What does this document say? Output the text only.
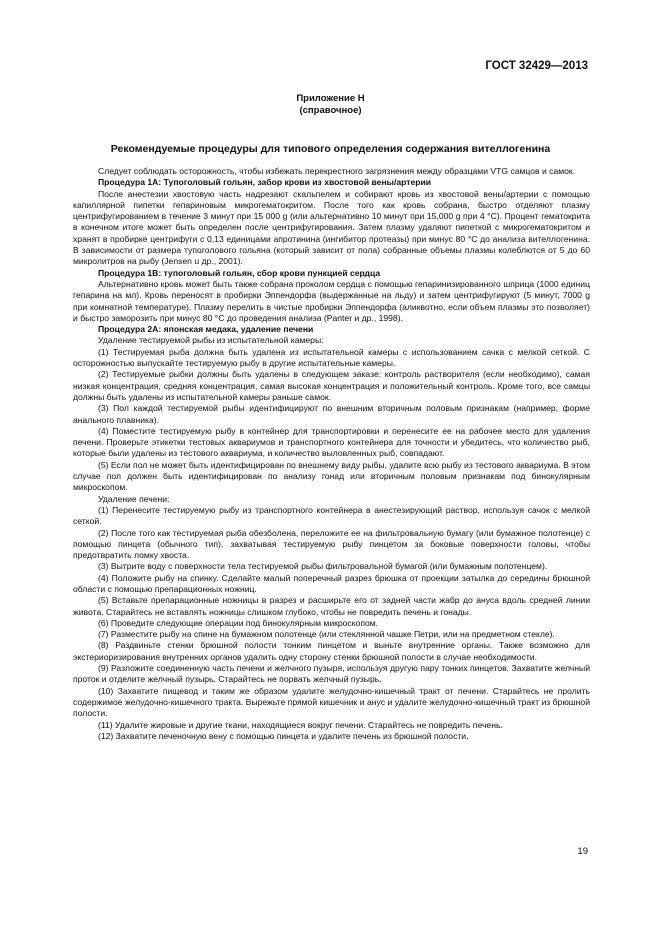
ГОСТ 32429—2013
Приложение Н
(справочное)
Рекомендуемые процедуры для типового определения содержания вителлогенина

Следует соблюдать осторожность, чтобы избежать перекрестного загрязнения между образцами VTG самцов и самок.

Процедура 1А: Тупоголовый гольян, забор крови из хвостовой вены/артерии

После анестезии хвостовую часть надрезают скальпелем и собирают кровь из хвостовой вены/артерии с помощью капиллярной пипетки гепариновым микрогематокритом. После того как кровь собрана, быстро отделяют плазму центрифугированием в течение 3 минут при 15 000 g (или альтернативно 10 минут при 15,000 g при 4 °С). Процент гематокрита в конечном итоге может быть определен после центрифугирования. Затем плазму удаляют пипеткой с микрогематокритом и хранят в пробирке центрифуги с 0,13 единицами апротинина (ингибитор протеазы) при минус 80 °С до анализа вителлогенина. В зависимости от размера тупоголового гольяна (который зависит от пола) собранные объемы плазмы колеблются от 5 до 60 микролитров на рыбу (Jensen u др., 2001).

Процедура 1В: тупоголовый гольян, сбор крови пункцией сердца

Альтернативно кровь может быть также собрана проколом сердца с помощью гепаринизированного шприца (1000 единиц гепарина на мл). Кровь переносят в пробирки Эппендорфа (выдержанные на льду) и затем центрифугируют (5 минут, 7000 g при комнатной температуре). Плазму перелить в чистые пробирки Эппендорфа (аликвотно, если объем плазмы это позволяет) и быстро заморозить при минус 80 °С до проведения анализа (Panter и др., 1998).

Процедура 2А: японская медака, удаление печени

Удаление тестируемой рыбы из испытательной камеры:

(1) Тестируемая рыба должна быть удалена из испытательной камеры с использованием сачка с мелкой сеткой. С осторожностью выпускайте тестируемую рыбу в другие испытательные камеры.

(2) Тестируемые рыбки должны быть удалены в следующем заказе: контроль растворителя (если необходимо), самая низкая концентрация, средняя концентрация, самая высокая концентрация и положительный контроль. Кроме того, все самцы должны быть удалены из испытательной камеры раньше самок.

(3) Пол каждой тестируемой рыбы идентифицируют по внешним вторичным половым признакам (например, форме анального плавника).

(4) Поместите тестируемую рыбу в контейнер для транспортировки и перенесите ее на рабочее место для удаления печени. Проверьте этикетки тестовых аквариумов и транспортного контейнера для точности и убедитесь, что количество рыб, которые были удалены из тестового аквариума, и количество выловленных рыб, совпадают.

(5) Если пол не может быть идентифицирован по внешнему виду рыбы, удалите всю рыбу из тестового аквариума. В этом случае пол должен быть идентифицирован по анализу гонад или вторичным половым признакам под бинокулярным микроскопом.

Удаление печени:

(1) Перенесите тестируемую рыбу из транспортного контейнера в анестезирующий раствор, используя сачок с мелкой сеткой.

(2) После того как тестируемая рыба обезболена, переложите ее на фильтровальную бумагу (или бумажное полотенце) с помощью пинцета (обычного тип), захватывая тестируемую рыбу пинцетом за боковые поверхности головы, чтобы предотвратить ломку хвоста.

(3) Вытрите воду с поверхности тела тестируемой рыбы фильтровальной бумагой (или бумажным полотенцем).

(4) Положите рыбу на спинку. Сделайте малый поперечный разрез брюшка от проекции затылка до середины брюшной области с помощью препарационных ножниц.

(5) Вставьте препарационные ножницы в разрез и расширьте его от задней части жабр до ануса вдоль средней линии живота. Старайтесь не вставлять ножницы слишком глубоко, чтобы не повредить печень и гонады.

(6) Проведите следующие операции под бинокулярным микроскопом.

(7) Разместите рыбу на спине на бумажном полотенце (или стеклянной чашке Петри, или на предметном стекле).

(8) Раздвиньте стенки брюшной полости тонким пинцетом и выньте внутренние органы. Также возможно для экстериоризирования внутренних органов удалить одну сторону стенки брюшной полости в случае необходимости.

(9) Разложите соединенную часть печени и желчного пузыря, используя другую пару тонких пинцетов. Захватите желчный проток и отделите желчный пузырь. Старайтесь не порвать желчный пузырь.

(10) Захватите пищевод и таким же образом удалите желудочно-кишечный тракт от печени. Старайтесь не пролить содержимое желудочно-кишечного тракта. Вырежьте прямой кишечник и анус и удалите желудочно-кишечный тракт из брюшной полости.

(11) Удалите жировые и другие ткани, находящиеся вокруг печени. Старайтесь не повредить печень.

(12) Захватите печеночную вену с помощью пинцета и удалите печень из брюшной полости.

19
